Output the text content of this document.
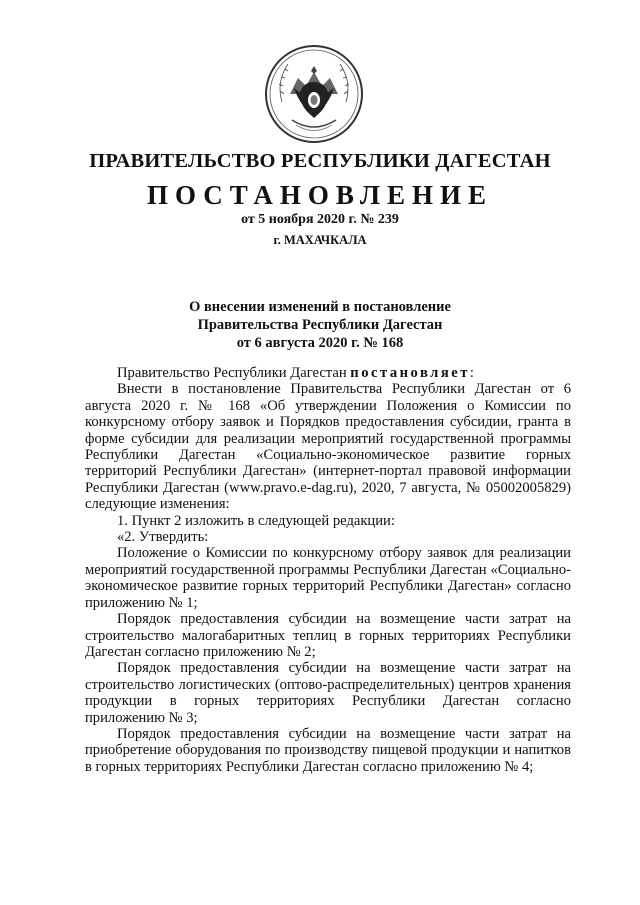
ПРАВИТЕЛЬСТВО РЕСПУБЛИКИ ДАГЕСТАН
ПОСТАНОВЛЕНИЕ
от 5 ноября 2020 г. № 239
г. МАХАЧКАЛА
О внесении изменений в постановление
Правительства Республики Дагестан
от 6 августа 2020 г. № 168

Правительство Республики Дагестан постановляет:

Внести в постановление Правительства Республики Дагестан от 6 августа 2020 г. № 168 «Об утверждении Положения о Комиссии по конкурсному отбору заявок и Порядков предоставления субсидии, гранта в форме субсидии для реализации мероприятий государственной программы Республики Дагестан «Социально-экономическое развитие горных территорий Республики Дагестан» (интернет-портал правовой информации Республики Дагестан (www.pravo.e-dag.ru), 2020, 7 августа, № 05002005829) следующие изменения:

1. Пункт 2 изложить в следующей редакции:

«2. Утвердить:

Положение о Комиссии по конкурсному отбору заявок для реализации мероприятий государственной программы Республики Дагестан «Социально-экономическое развитие горных территорий Республики Дагестан» согласно приложению № 1;

Порядок предоставления субсидии на возмещение части затрат на строительство малогабаритных теплиц в горных территориях Республики Дагестан согласно приложению № 2;

Порядок предоставления субсидии на возмещение части затрат на строительство логистических (оптово-распределительных) центров хранения продукции в горных территориях Республики Дагестан согласно приложению № 3;

Порядок предоставления субсидии на возмещение части затрат на приобретение оборудования по производству пищевой продукции и напитков в горных территориях Республики Дагестан согласно приложению № 4;
